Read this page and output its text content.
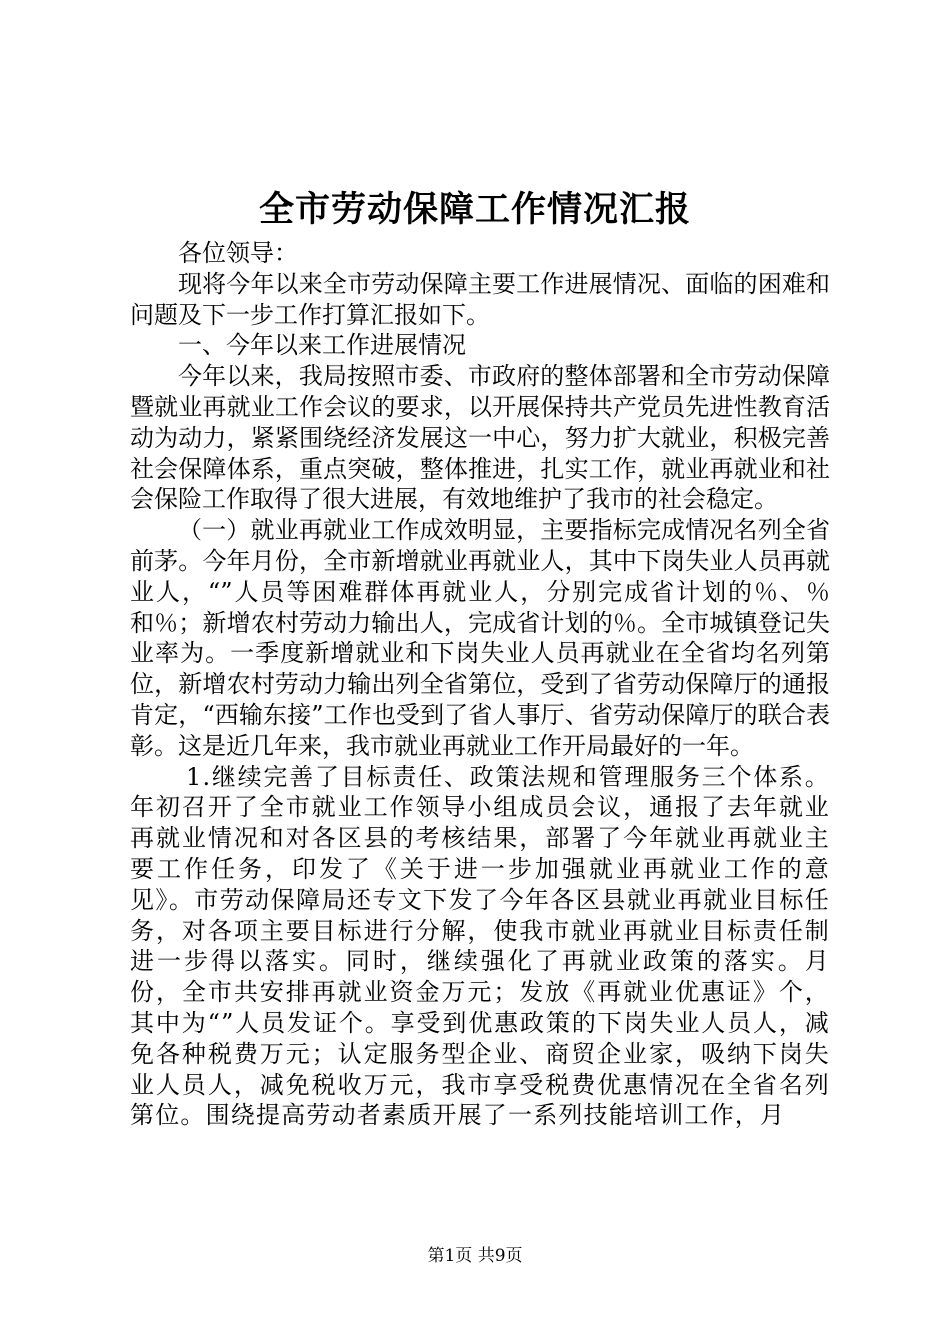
全市劳动保障工作情况汇报

各位领导：

现将今年以来全市劳动保障主要工作进展情况、面临的困难和问题及下一步工作打算汇报如下。

一、今年以来工作进展情况

今年以来，我局按照市委、市政府的整体部署和全市劳动保障暨就业再就业工作会议的要求，以开展保持共产党员先进性教育活动为动力，紧紧围绕经济发展这一中心，努力扩大就业，积极完善社会保障体系，重点突破，整体推进，扎实工作，就业再就业和社会保险工作取得了很大进展，有效地维护了我市的社会稳定。

（一）就业再就业工作成效明显，主要指标完成情况名列全省前茅。今年月份，全市新增就业再就业人，其中下岗失业人员再就业人，“”人员等困难群体再就业人，分别完成省计划的％、％和％；新增农村劳动力输出人，完成省计划的％。全市城镇登记失业率为。一季度新增就业和下岗失业人员再就业在全省均名列第位，新增农村劳动力输出列全省第位，受到了省劳动保障厅的通报肯定，“西输东接”工作也受到了省人事厅、省劳动保障厅的联合表彰。这是近几年来，我市就业再就业工作开局最好的一年。

1.继续完善了目标责任、政策法规和管理服务三个体系。年初召开了全市就业工作领导小组成员会议，通报了去年就业再就业情况和对各区县的考核结果，部署了今年就业再就业主要工作任务，印发了《关于进一步加强就业再就业工作的意见》。市劳动保障局还专文下发了今年各区县就业再就业目标任务，对各项主要目标进行分解，使我市就业再就业目标责任制进一步得以落实。同时，继续强化了再就业政策的落实。月份，全市共安排再就业资金万元；发放《再就业优惠证》个，其中为“”人员发证个。享受到优惠政策的下岗失业人员人，减免各种税费万元；认定服务型企业、商贸企业家，吸纳下岗失业人员人，减免税收万元，我市享受税费优惠情况在全省名列第位。围绕提高劳动者素质开展了一系列技能培训工作，月

第1页 共9页
